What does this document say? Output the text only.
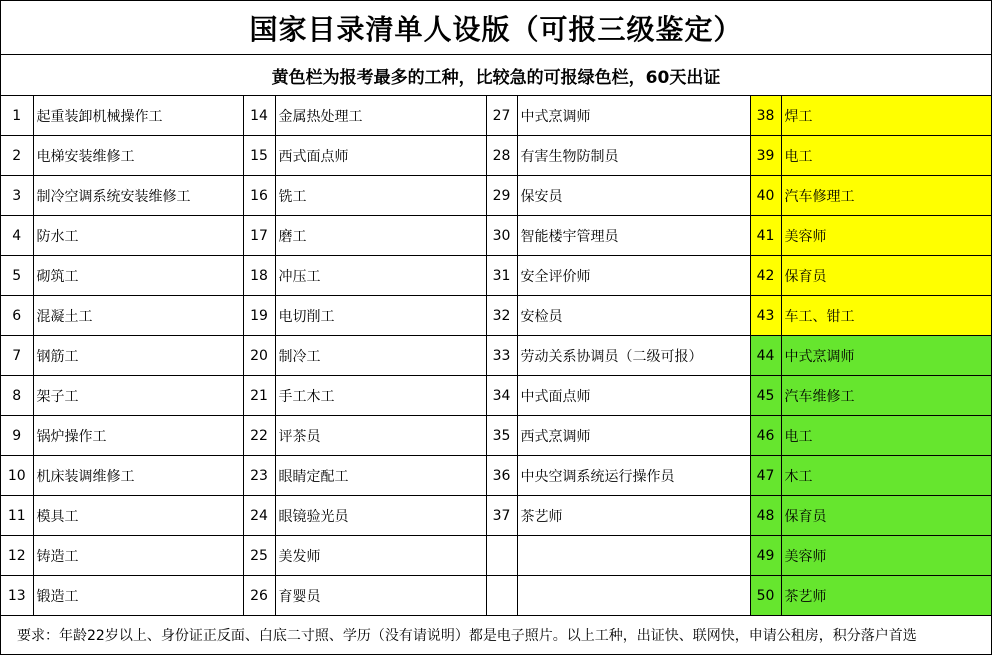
国家目录清单人设版（可报三级鉴定）
黄色栏为报考最多的工种，比较急的可报绿色栏，60天出证
1	起重装卸机械操作工	14	金属热处理工	27	中式烹调师	38	焊工
2	电梯安装维修工	15	西式面点师	28	有害生物防制员	39	电工
3	制冷空调系统安装维修工	16	铣工	29	保安员	40	汽车修理工
4	防水工	17	磨工	30	智能楼宇管理员	41	美容师
5	砌筑工	18	冲压工	31	安全评价师	42	保育员
6	混凝土工	19	电切削工	32	安检员	43	车工、钳工
7	钢筋工	20	制冷工	33	劳动关系协调员（二级可报）	44	中式烹调师
8	架子工	21	手工木工	34	中式面点师	45	汽车维修工
9	锅炉操作工	22	评茶员	35	西式烹调师	46	电工
10	机床装调维修工	23	眼睛定配工	36	中央空调系统运行操作员	47	木工
11	模具工	24	眼镜验光员	37	茶艺师	48	保育员
12	铸造工	25	美发师			49	美容师
13	锻造工	26	育婴员			50	茶艺师
要求：年龄22岁以上、身份证正反面、白底二寸照、学历（没有请说明）都是电子照片。以上工种，出证快、联网快，申请公租房，积分落户首选
